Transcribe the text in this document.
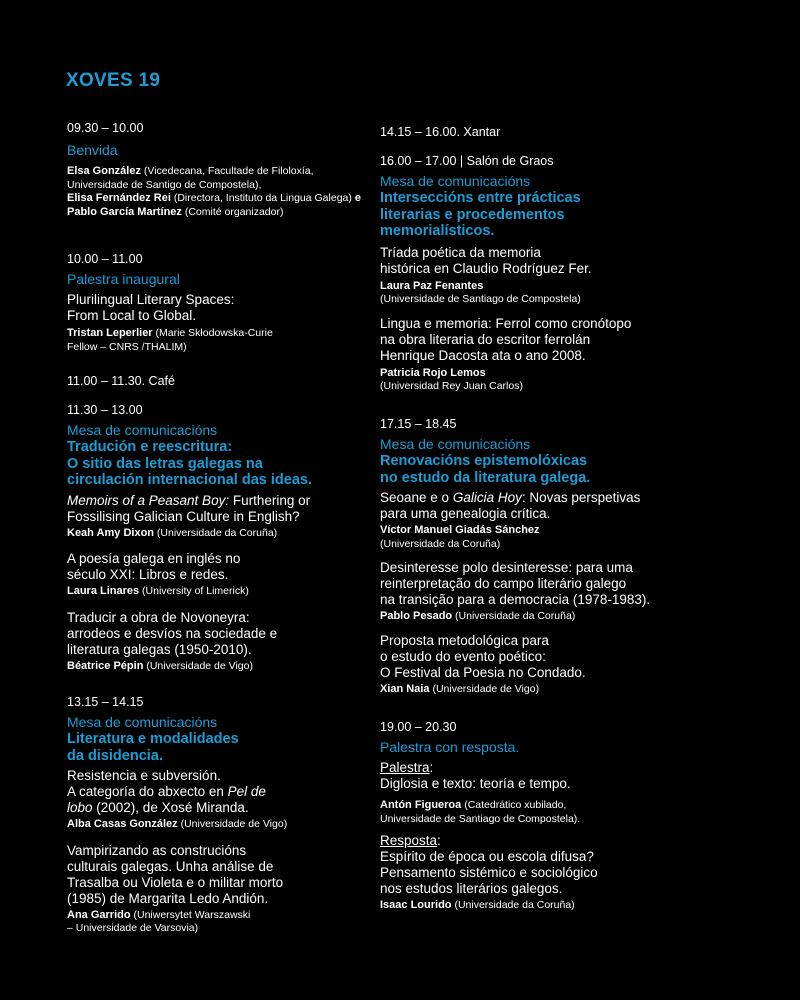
XOVES 19
09.30 – 10.00
Benvida
Elsa González (Vicedecana, Facultade de Filoloxía, Universidade de Santigo de Compostela),
Elisa Fernández Rei (Directora, Instituto da Lingua Galega) e Pablo García Martínez (Comité organizador)
10.00 – 11.00
Palestra inaugural
Plurilingual Literary Spaces:
From Local to Global.
Tristan Leperlier (Marie Skłodowska-Curie Fellow – CNRS /THALIM)
11.00 – 11.30. Café
11.30 – 13.00
Mesa de comunicacións
Tradución e reescritura:
O sitio das letras galegas na
circulación internacional das ideas.
Memoirs of a Peasant Boy: Furthering or
Fossilising Galician Culture in English?
Keah Amy Dixon (Universidade da Coruña)
A poesía galega en inglés no
século XXI: Libros e redes.
Laura Linares (University of Limerick)
Traducir a obra de Novoneyra:
arrodeos e desvíos na sociedade e
literatura galegas (1950-2010).
Béatrice Pépin (Universidade de Vigo)
13.15 – 14.15
Mesa de comunicacións
Literatura e modalidades
da disidencia.
Resistencia e subversión.
A categoría do abxecto en Pel de
lobo (2002), de Xosé Miranda.
Alba Casas González (Universidade de Vigo)
Vampirizando as construcións
culturais galegas. Unha análise de
Trasalba ou Violeta e o militar morto
(1985) de Margarita Ledo Andión.
Ana Garrido (Uniwersytet Warszawski
– Universidade de Varsovia)
14.15 – 16.00. Xantar
16.00 – 17.00 | Salón de Graos
Mesa de comunicacións
Interseccións entre prácticas
literarias e procedementos
memorialísticos.
Tríada poética da memoria
histórica en Claudio Rodríguez Fer.
Laura Paz Fenantes
(Universidade de Santiago de Compostela)
Lingua e memoria: Ferrol como cronótopo
na obra literaria do escritor ferrolán
Henrique Dacosta ata o ano 2008.
Patricia Rojo Lemos
(Universidad Rey Juan Carlos)
17.15 – 18.45
Mesa de comunicacións
Renovacións epistemolóxicas
no estudo da literatura galega.
Seoane e o Galicia Hoy: Novas perspetivas
para uma genealogia crítica.
Víctor Manuel Giadás Sánchez
(Universidade da Coruña)
Desinteresse polo desinteresse: para uma
reinterpretação do campo literário galego
na transição para a democracia (1978-1983).
Pablo Pesado (Universidade da Coruña)
Proposta metodológica para
o estudo do evento poético:
O Festival da Poesia no Condado.
Xian Naia (Universidade de Vigo)
19.00 – 20.30
Palestra con resposta.
Palestra:
Diglosia e texto: teoría e tempo.
Antón Figueroa (Catedrático xubilado,
Universidade de Santiago de Compostela).
Resposta:
Espírito de época ou escola difusa?
Pensamento sistémico e sociológico
nos estudos literários galegos.
Isaac Lourido (Universidade da Coruña)
